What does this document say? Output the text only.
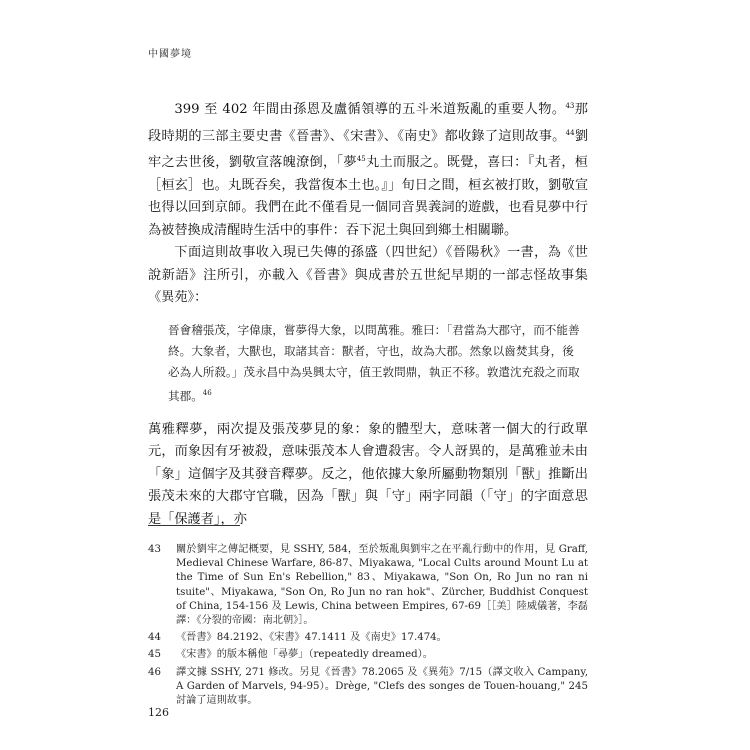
中國夢境

399 至 402 年間由孫恩及盧循領導的五斗米道叛亂的重要人物。$^{43}$那段時期的三部主要史書《晉書》、《宋書》、《南史》都收錄了這則故事。$^{44}$劉牢之去世後，劉敬宣落魄潦倒，「夢$^{45}$丸土而服之。既覺，喜曰：『丸者，桓［桓玄］也。丸既吞矣，我當復本土也。』」旬日之間，桓玄被打敗，劉敬宣也得以回到京師。我們在此不僅看見一個同音異義詞的遊戲，也看見夢中行為被替換成清醒時生活中的事件：吞下泥土與回到鄉土相關聯。

下面這則故事收入現已失傳的孫盛（四世紀）《晉陽秋》一書，為《世說新語》注所引，亦載入《晉書》與成書於五世紀早期的一部志怪故事集《異苑》：

晉會稽張茂，字偉康，嘗夢得大象，以問萬雅。雅曰：「君當為大郡守，而不能善終。大象者，大獸也，取諸其音：獸者，守也，故為大郡。然象以齒焚其身，後必為人所殺。」茂永昌中為吳興太守，值王敦問鼎，執正不移。敦遣沈充殺之而取其郡。$^{46}$

萬雅釋夢，兩次提及張茂夢見的象：象的體型大，意味著一個大的行政單元，而象因有牙被殺，意味張茂本人會遭殺害。令人訝異的，是萬雅並未由「象」這個字及其發音釋夢。反之，他依據大象所屬動物類別「獸」推斷出張茂未來的大郡守官職，因為「獸」與「守」兩字同韻（「守」的字面意思是「保護者」，亦

43	關於劉牢之傳記概要，見 SSHY, 584，至於叛亂與劉牢之在平亂行動中的作用，見 Graff, Medieval Chinese Warfare, 86-87、Miyakawa, "Local Cults around Mount Lu at the Time of Sun En's Rebellion," 83、Miyakawa, "Son On, Ro Jun no ran ni tsuite"、Miyakawa, "Son On, Ro Jun no ran hok"、Zürcher, Buddhist Conquest of China, 154-156 及 Lewis, China between Empires, 67-69［［美］陸威儀著，李磊譯：《分裂的帝國：南北朝》］。
44	《晉書》84.2192、《宋書》47.1411 及《南史》17.474。
45	《宋書》的版本稱他「尋夢」（repeatedly dreamed）。
46	譯文據 SSHY, 271 修改。另見《晉書》78.2065 及《異苑》7/15（譯文收入 Campany, A Garden of Marvels, 94-95）。Drège, "Clefs des songes de Touen-houang," 245 討論了這則故事。
126
